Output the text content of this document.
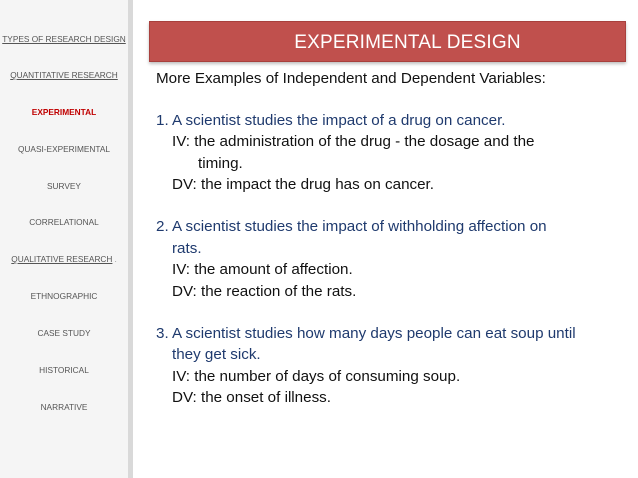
TYPES OF RESEARCH DESIGN
QUANTITATIVE RESEARCH
EXPERIMENTAL
QUASI-EXPERIMENTAL
SURVEY
CORRELATIONAL
QUALITATIVE RESEARCH .
ETHNOGRAPHIC
CASE STUDY
HISTORICAL
NARRATIVE
EXPERIMENTAL DESIGN
More Examples of Independent and Dependent Variables:
1. A scientist studies the impact of a drug on cancer.
IV: the administration of the drug - the dosage and the
timing.
DV: the impact the drug has on cancer.
2. A scientist studies the impact of withholding affection on
rats.
IV: the amount of affection.
DV: the reaction of the rats.
3. A scientist studies how many days people can eat soup until
they get sick.
IV: the number of days of consuming soup.
DV: the onset of illness.
